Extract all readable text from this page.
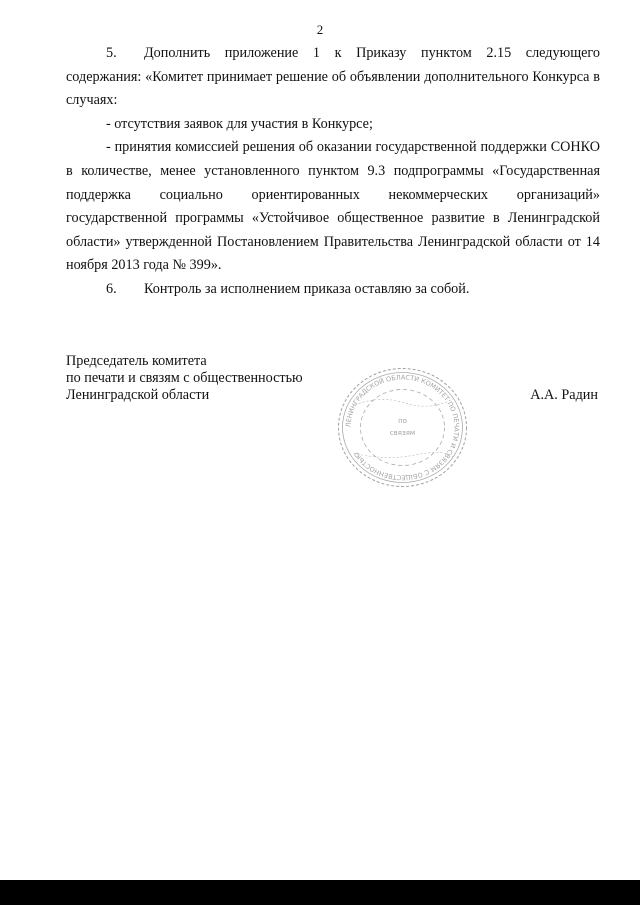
2

5. Дополнить приложение 1 к Приказу пунктом 2.15 следующего содержания: «Комитет принимает решение об объявлении дополнительного Конкурса в случаях:

- отсутствия заявок для участия в Конкурсе;

- принятия комиссией решения об оказании государственной поддержки СОНКО в количестве, менее установленного пунктом 9.3 подпрограммы «Государственная поддержка социально ориентированных некоммерческих организаций» государственной программы «Устойчивое общественное развитие в Ленинградской области» утвержденной Постановлением Правительства Ленинградской области от 14 ноября 2013 года № 399».

6. Контроль за исполнением приказа оставляю за собой.

Председатель комитета
по печати и связям с общественностью
Ленинградской области	А.А. Радин
ЛЕНИНГРАДСКОЙ ОБЛАСТИ КОМИТЕТ ПО ПЕЧАТИ И СВЯЗЯМ С ОБЩЕСТВЕННОСТЬЮ
по
связям
